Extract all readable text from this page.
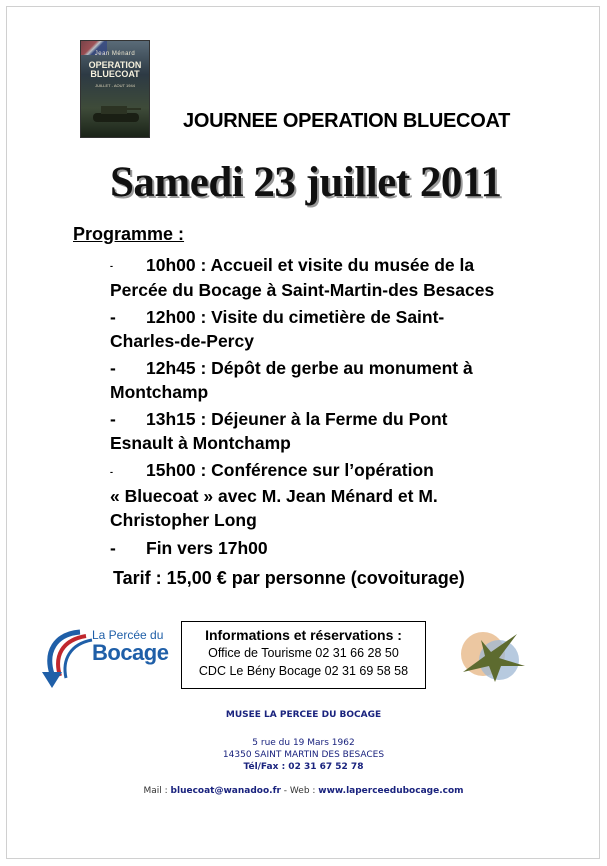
Jean Ménard
OPERATION
BLUECOAT
JUILLET - AOUT 1944
JOURNEE OPERATION BLUECOAT
Samedi 23 juillet 2011
Programme :
- 10h00 : Accueil et visite du musée de la
Percée du Bocage à Saint-Martin-des Besaces
- 12h00 : Visite du cimetière de Saint-
Charles-de-Percy
- 12h45 : Dépôt de gerbe au monument à
Montchamp
- 13h15 : Déjeuner à la Ferme du Pont
Esnault à Montchamp
- 15h00 : Conférence sur l’opération
« Bluecoat » avec M. Jean Ménard et M.
Christopher Long
- Fin vers 17h00
Tarif : 15,00 € par personne (covoiturage)
La Percée du
Bocage
Informations et réservations :
Office de Tourisme 02 31 66 28 50
CDC Le Bény Bocage 02 31 69 58 58
MUSEE LA PERCEE DU BOCAGE
5 rue du 19 Mars 1962
14350 SAINT MARTIN DES BESACES
Tél/Fax : 02 31 67 52 78
Mail : bluecoat@wanadoo.fr - Web : www.laperceedubocage.com
